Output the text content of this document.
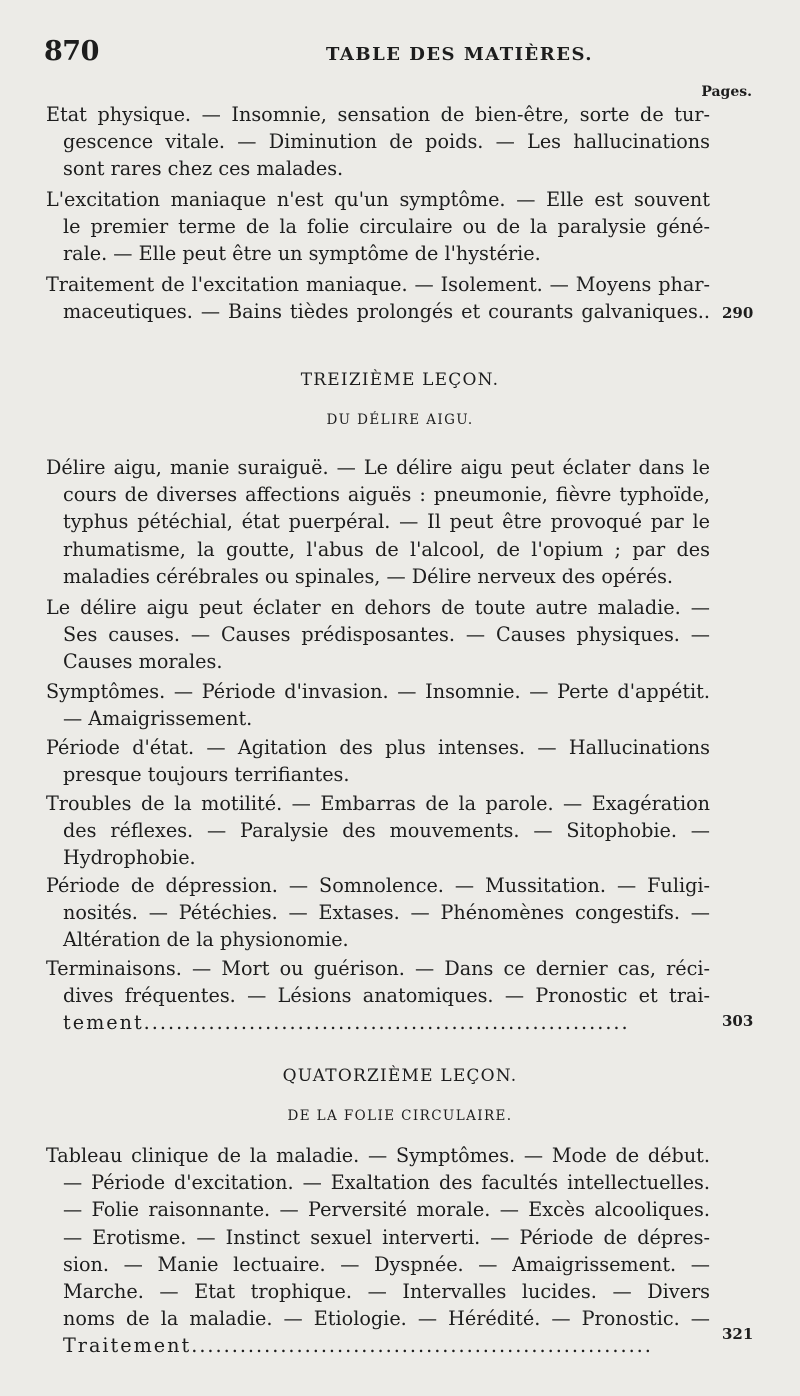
870	TABLE DES MATIÈRES.
Pages.
Etat physique. — Insomnie, sensation de bien-être, sorte de tur-
gescence vitale. — Diminution de poids. — Les hallucinations
sont rares chez ces malades.
L'excitation maniaque n'est qu'un symptôme. — Elle est souvent
le premier terme de la folie circulaire ou de la paralysie géné-
rale. — Elle peut être un symptôme de l'hystérie.
Traitement de l'excitation maniaque. — Isolement. — Moyens phar-
maceutiques. — Bains tièdes prolongés et courants galvaniques.. 290
TREIZIÈME LEÇON.
DU DÉLIRE AIGU.
Délire aigu, manie suraiguë. — Le délire aigu peut éclater dans le
cours de diverses affections aiguës : pneumonie, fièvre typhoïde,
typhus pétéchial, état puerpéral. — Il peut être provoqué par le
rhumatisme, la goutte, l'abus de l'alcool, de l'opium ; par des
maladies cérébrales ou spinales, — Délire nerveux des opérés.
Le délire aigu peut éclater en dehors de toute autre maladie. —
Ses causes. — Causes prédisposantes. — Causes physiques. —
Causes morales.
Symptômes. — Période d'invasion. — Insomnie. — Perte d'appétit.
— Amaigrissement.
Période d'état. — Agitation des plus intenses. — Hallucinations
presque toujours terrifiantes.
Troubles de la motilité. — Embarras de la parole. — Exagération
des réflexes. — Paralysie des mouvements. — Sitophobie. —
Hydrophobie.
Période de dépression. — Somnolence. — Mussitation. — Fuligi-
nosités. — Pétéchies. — Extases. — Phénomènes congestifs. —
Altération de la physionomie.
Terminaisons. — Mort ou guérison. — Dans ce dernier cas, réci-
dives fréquentes. — Lésions anatomiques. — Pronostic et trai-
tement............................................................	303
QUATORZIÈME LEÇON.
DE LA FOLIE CIRCULAIRE.
Tableau clinique de la maladie. — Symptômes. — Mode de début.
— Période d'excitation. — Exaltation des facultés intellectuelles.
— Folie raisonnante. — Perversité morale. — Excès alcooliques.
— Erotisme. — Instinct sexuel interverti. — Période de dépres-
sion. — Manie lectuaire. — Dyspnée. — Amaigrissement. —
Marche. — Etat trophique. — Intervalles lucides. — Divers
noms de la maladie. — Etiologie. — Hérédité. — Pronostic. —
Traitement.........................................................
321
